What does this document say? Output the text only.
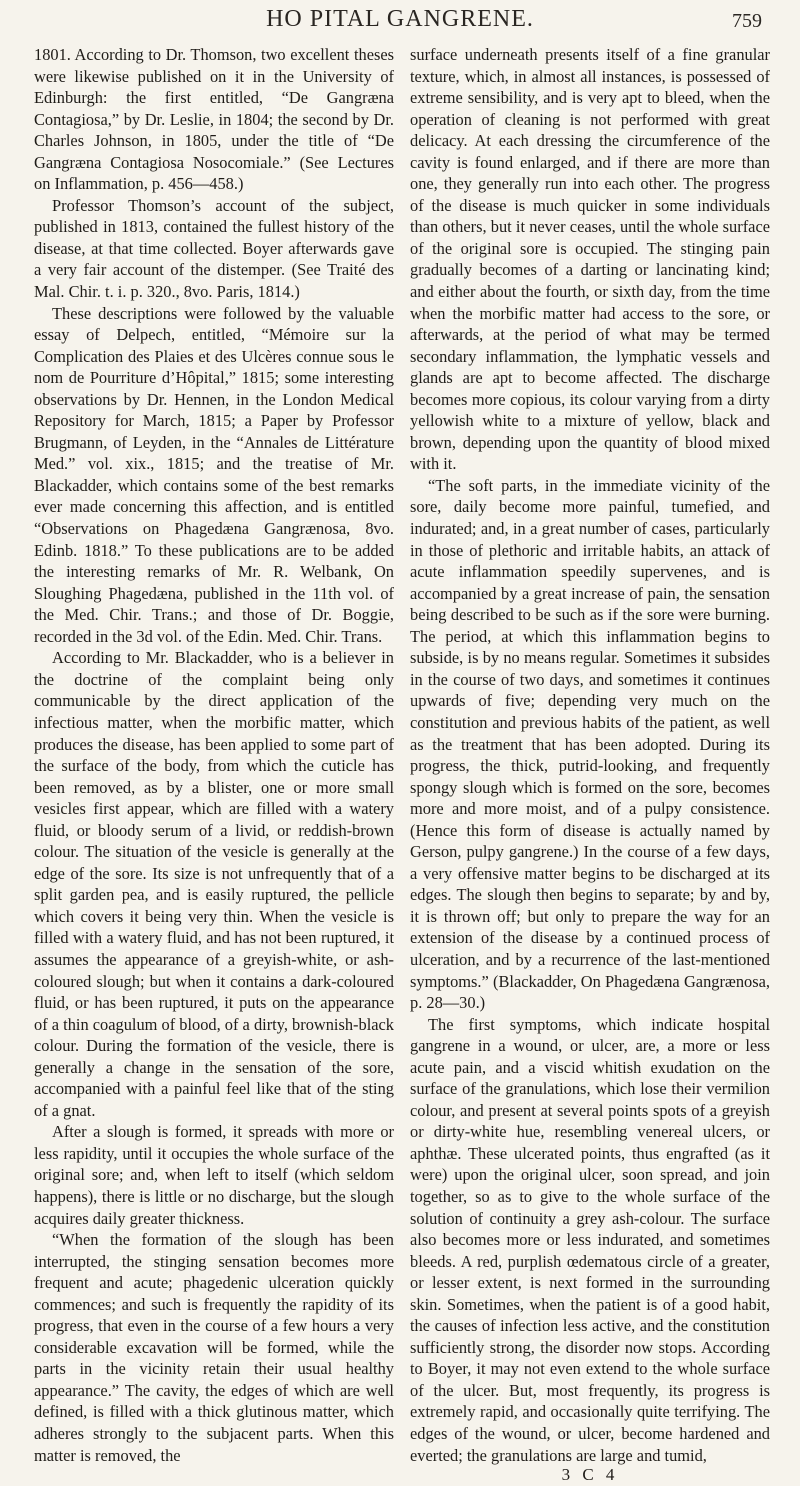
HO PITAL GANGRENE.	759

1801. According to Dr. Thomson, two excellent theses were likewise published on it in the University of Edinburgh: the first entitled, “De Gangræna Contagiosa,” by Dr. Leslie, in 1804; the second by Dr. Charles Johnson, in 1805, under the title of “De Gangræna Contagiosa Nosocomiale.” (See Lectures on Inflammation, p. 456—458.)

Professor Thomson’s account of the subject, published in 1813, contained the fullest history of the disease, at that time collected. Boyer afterwards gave a very fair account of the distemper. (See Traité des Mal. Chir. t. i. p. 320., 8vo. Paris, 1814.)

These descriptions were followed by the valuable essay of Delpech, entitled, “Mémoire sur la Complication des Plaies et des Ulcères connue sous le nom de Pourriture d’Hôpital,” 1815; some interesting observations by Dr. Hennen, in the London Medical Repository for March, 1815; a Paper by Professor Brugmann, of Leyden, in the “Annales de Littérature Med.” vol. xix., 1815; and the treatise of Mr. Blackadder, which contains some of the best remarks ever made concerning this affection, and is entitled “Observations on Phagedæna Gangrænosa, 8vo. Edinb. 1818.” To these publications are to be added the interesting remarks of Mr. R. Welbank, On Sloughing Phagedæna, published in the 11th vol. of the Med. Chir. Trans.; and those of Dr. Boggie, recorded in the 3d vol. of the Edin. Med. Chir. Trans.

According to Mr. Blackadder, who is a believer in the doctrine of the complaint being only communicable by the direct application of the infectious matter, when the morbific matter, which produces the disease, has been applied to some part of the surface of the body, from which the cuticle has been removed, as by a blister, one or more small vesicles first appear, which are filled with a watery fluid, or bloody serum of a livid, or reddish-brown colour. The situation of the vesicle is generally at the edge of the sore. Its size is not unfrequently that of a split garden pea, and is easily ruptured, the pellicle which covers it being very thin. When the vesicle is filled with a watery fluid, and has not been ruptured, it assumes the appearance of a greyish-white, or ash-coloured slough; but when it contains a dark-coloured fluid, or has been ruptured, it puts on the appearance of a thin coagulum of blood, of a dirty, brownish-black colour. During the formation of the vesicle, there is generally a change in the sensation of the sore, accompanied with a painful feel like that of the sting of a gnat.

After a slough is formed, it spreads with more or less rapidity, until it occupies the whole surface of the original sore; and, when left to itself (which seldom happens), there is little or no discharge, but the slough acquires daily greater thickness.

“When the formation of the slough has been interrupted, the stinging sensation becomes more frequent and acute; phagedenic ulceration quickly commences; and such is frequently the rapidity of its progress, that even in the course of a few hours a very considerable excavation will be formed, while the parts in the vicinity retain their usual healthy appearance.” The cavity, the edges of which are well defined, is filled with a thick glutinous matter, which adheres strongly to the subjacent parts. When this matter is removed, the

surface underneath presents itself of a fine granular texture, which, in almost all instances, is possessed of extreme sensibility, and is very apt to bleed, when the operation of cleaning is not performed with great delicacy. At each dressing the circumference of the cavity is found enlarged, and if there are more than one, they generally run into each other. The progress of the disease is much quicker in some individuals than others, but it never ceases, until the whole surface of the original sore is occupied. The stinging pain gradually becomes of a darting or lancinating kind; and either about the fourth, or sixth day, from the time when the morbific matter had access to the sore, or afterwards, at the period of what may be termed secondary inflammation, the lymphatic vessels and glands are apt to become affected. The discharge becomes more copious, its colour varying from a dirty yellowish white to a mixture of yellow, black and brown, depending upon the quantity of blood mixed with it.

“The soft parts, in the immediate vicinity of the sore, daily become more painful, tumefied, and indurated; and, in a great number of cases, particularly in those of plethoric and irritable habits, an attack of acute inflammation speedily supervenes, and is accompanied by a great increase of pain, the sensation being described to be such as if the sore were burning. The period, at which this inflammation begins to subside, is by no means regular. Sometimes it subsides in the course of two days, and sometimes it continues upwards of five; depending very much on the constitution and previous habits of the patient, as well as the treatment that has been adopted. During its progress, the thick, putrid-looking, and frequently spongy slough which is formed on the sore, becomes more and more moist, and of a pulpy consistence. (Hence this form of disease is actually named by Gerson, pulpy gangrene.) In the course of a few days, a very offensive matter begins to be discharged at its edges. The slough then begins to separate; by and by, it is thrown off; but only to prepare the way for an extension of the disease by a continued process of ulceration, and by a recurrence of the last-mentioned symptoms.” (Blackadder, On Phagedæna Gangrænosa, p. 28—30.)

The first symptoms, which indicate hospital gangrene in a wound, or ulcer, are, a more or less acute pain, and a viscid whitish exudation on the surface of the granulations, which lose their vermilion colour, and present at several points spots of a greyish or dirty-white hue, resembling venereal ulcers, or aphthæ. These ulcerated points, thus engrafted (as it were) upon the original ulcer, soon spread, and join together, so as to give to the whole surface of the solution of continuity a grey ash-colour. The surface also becomes more or less indurated, and sometimes bleeds. A red, purplish œdematous circle of a greater, or lesser extent, is next formed in the surrounding skin. Sometimes, when the patient is of a good habit, the causes of infection less active, and the constitution sufficiently strong, the disorder now stops. According to Boyer, it may not even extend to the whole surface of the ulcer. But, most frequently, its progress is extremely rapid, and occasionally quite terrifying. The edges of the wound, or ulcer, become hardened and everted; the granulations are large and tumid,

3 C 4
